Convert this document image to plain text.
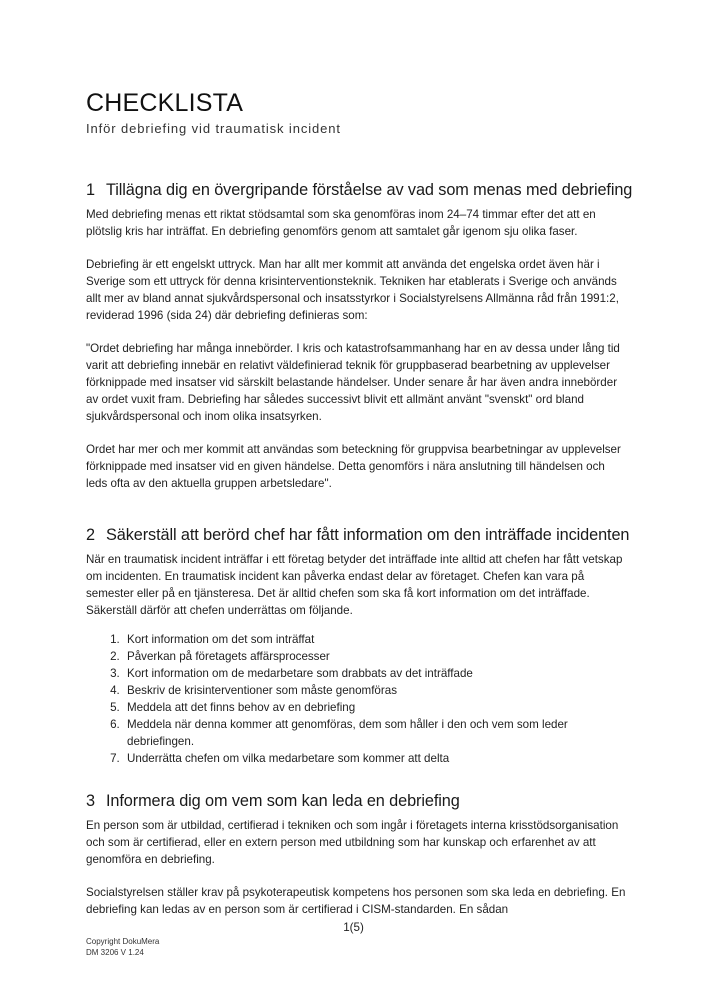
CHECKLISTA
Inför debriefing vid traumatisk incident
1 Tillägna dig en övergripande förståelse av vad som menas med debriefing

Med debriefing menas ett riktat stödsamtal som ska genomföras inom 24–74 timmar efter det att en plötslig kris har inträffat. En debriefing genomförs genom att samtalet går igenom sju olika faser.

Debriefing är ett engelskt uttryck. Man har allt mer kommit att använda det engelska ordet även här i Sverige som ett uttryck för denna krisinterventionsteknik. Tekniken har etablerats i Sverige och används allt mer av bland annat sjukvårdspersonal och insatsstyrkor i Socialstyrelsens Allmänna råd från 1991:2, reviderad 1996 (sida 24) där debriefing definieras som:

"Ordet debriefing har många innebörder. I kris och katastrofsammanhang har en av dessa under lång tid varit att debriefing innebär en relativt väldefinierad teknik för gruppbaserad bearbetning av upplevelser förknippade med insatser vid särskilt belastande händelser. Under senare år har även andra innebörder av ordet vuxit fram. Debriefing har således successivt blivit ett allmänt använt "svenskt" ord bland sjukvårdspersonal och inom olika insatsyrken.

Ordet har mer och mer kommit att användas som beteckning för gruppvisa bearbetningar av upplevelser förknippade med insatser vid en given händelse. Detta genomförs i nära anslutning till händelsen och leds ofta av den aktuella gruppen arbetsledare".

2 Säkerställ att berörd chef har fått information om den inträffade incidenten

När en traumatisk incident inträffar i ett företag betyder det inträffade inte alltid att chefen har fått vetskap om incidenten. En traumatisk incident kan påverka endast delar av företaget. Chefen kan vara på semester eller på en tjänsteresa. Det är alltid chefen som ska få kort information om det inträffade. Säkerställ därför att chefen underrättas om följande.

1. Kort information om det som inträffat
2. Påverkan på företagets affärsprocesser
3. Kort information om de medarbetare som drabbats av det inträffade
4. Beskriv de krisinterventioner som måste genomföras
5. Meddela att det finns behov av en debriefing
6. Meddela när denna kommer att genomföras, dem som håller i den och vem som leder debriefingen.
7. Underrätta chefen om vilka medarbetare som kommer att delta
3 Informera dig om vem som kan leda en debriefing

En person som är utbildad, certifierad i tekniken och som ingår i företagets interna krisstödsorganisation och som är certifierad, eller en extern person med utbildning som har kunskap och erfarenhet av att genomföra en debriefing.

Socialstyrelsen ställer krav på psykoterapeutisk kompetens hos personen som ska leda en debriefing. En debriefing kan ledas av en person som är certifierad i CISM-standarden. En sådan

1(5)
Copyright DokuMera
DM 3206 V 1.24
